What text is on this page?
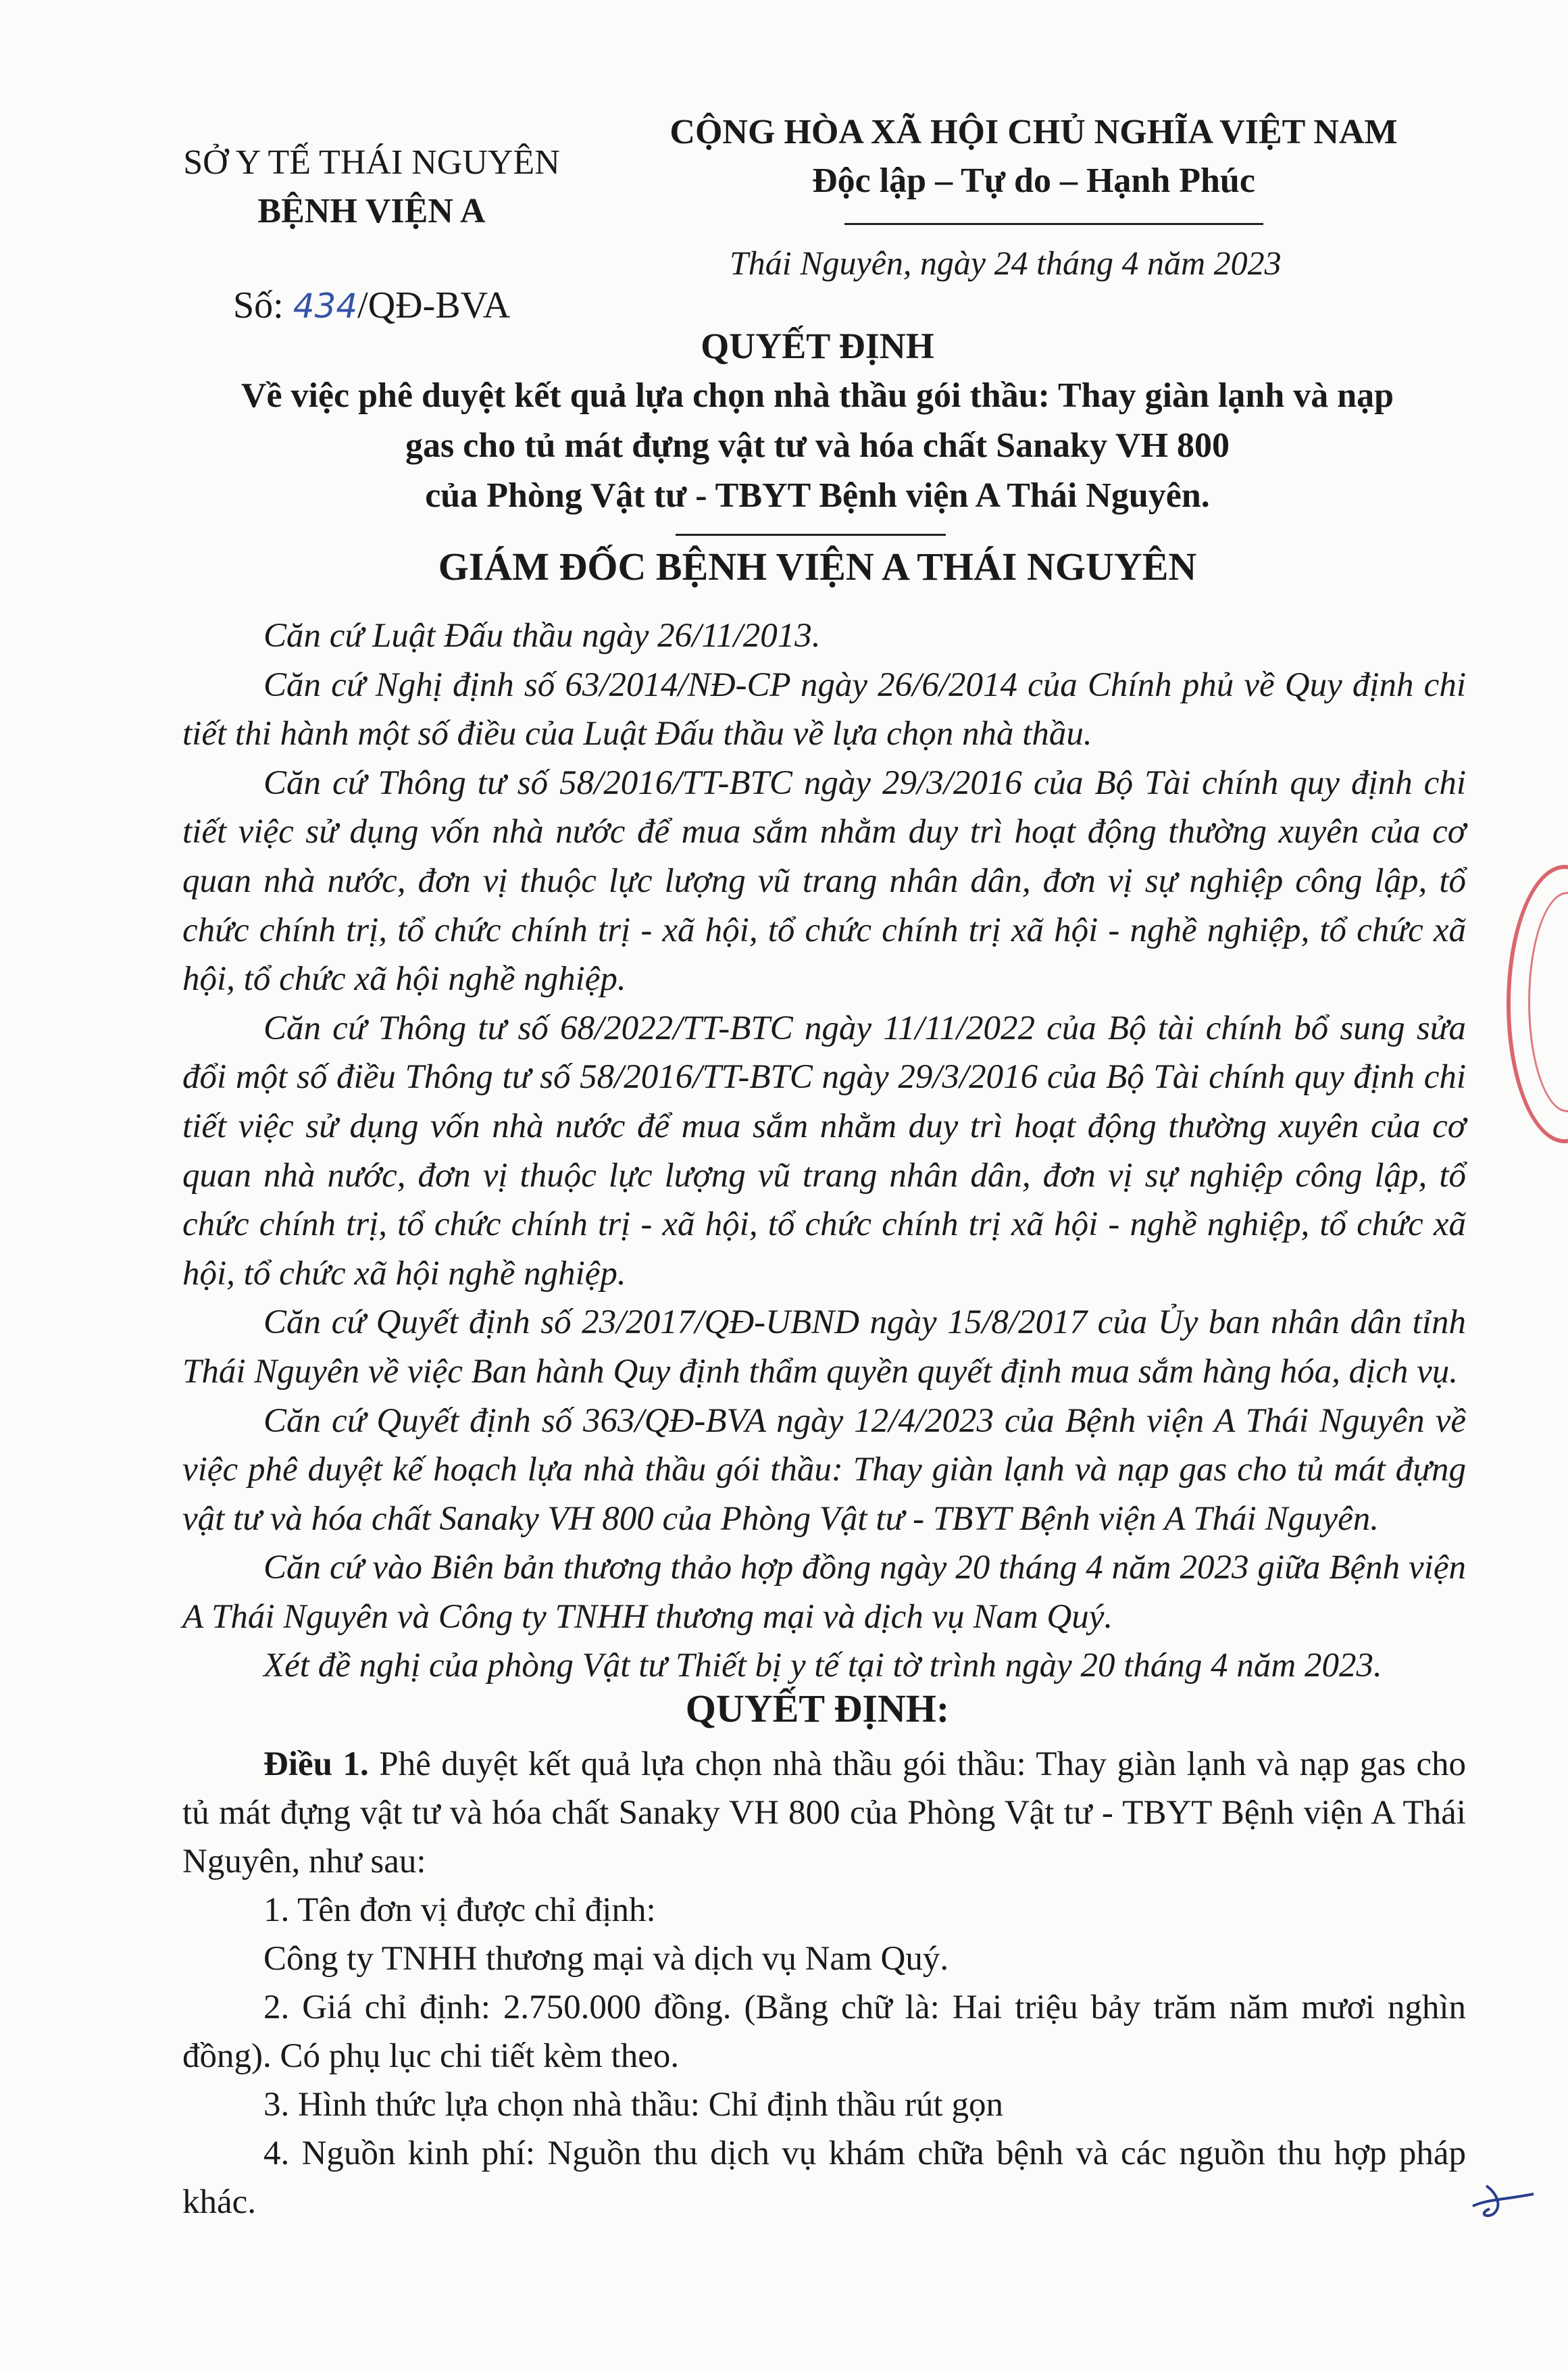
SỞ Y TẾ THÁI NGUYÊN
BỆNH VIỆN A
CỘNG HÒA XÃ HỘI CHỦ NGHĨA VIỆT NAM
Độc lập – Tự do – Hạnh Phúc
Số: 434/QĐ-BVA
Thái Nguyên, ngày 24 tháng 4 năm 2023
QUYẾT ĐỊNH
Về việc phê duyệt kết quả lựa chọn nhà thầu gói thầu: Thay giàn lạnh và nạp
gas cho tủ mát đựng vật tư và hóa chất Sanaky VH 800
của Phòng Vật tư - TBYT Bệnh viện A Thái Nguyên.
GIÁM ĐỐC BỆNH VIỆN A THÁI NGUYÊN

Căn cứ Luật Đấu thầu ngày 26/11/2013.

Căn cứ Nghị định số 63/2014/NĐ-CP ngày 26/6/2014 của Chính phủ về Quy định chi tiết thi hành một số điều của Luật Đấu thầu về lựa chọn nhà thầu.

Căn cứ Thông tư số 58/2016/TT-BTC ngày 29/3/2016 của Bộ Tài chính quy định chi tiết việc sử dụng vốn nhà nước để mua sắm nhằm duy trì hoạt động thường xuyên của cơ quan nhà nước, đơn vị thuộc lực lượng vũ trang nhân dân, đơn vị sự nghiệp công lập, tổ chức chính trị, tổ chức chính trị - xã hội, tổ chức chính trị xã hội - nghề nghiệp, tổ chức xã hội, tổ chức xã hội nghề nghiệp.

Căn cứ Thông tư số 68/2022/TT-BTC ngày 11/11/2022 của Bộ tài chính bổ sung sửa đổi một số điều Thông tư số 58/2016/TT-BTC ngày 29/3/2016 của Bộ Tài chính quy định chi tiết việc sử dụng vốn nhà nước để mua sắm nhằm duy trì hoạt động thường xuyên của cơ quan nhà nước, đơn vị thuộc lực lượng vũ trang nhân dân, đơn vị sự nghiệp công lập, tổ chức chính trị, tổ chức chính trị - xã hội, tổ chức chính trị xã hội - nghề nghiệp, tổ chức xã hội, tổ chức xã hội nghề nghiệp.

Căn cứ Quyết định số 23/2017/QĐ-UBND ngày 15/8/2017 của Ủy ban nhân dân tỉnh Thái Nguyên về việc Ban hành Quy định thẩm quyền quyết định mua sắm hàng hóa, dịch vụ.

Căn cứ Quyết định số 363/QĐ-BVA ngày 12/4/2023 của Bệnh viện A Thái Nguyên về việc phê duyệt kế hoạch lựa nhà thầu gói thầu: Thay giàn lạnh và nạp gas cho tủ mát đựng vật tư và hóa chất Sanaky VH 800 của Phòng Vật tư - TBYT Bệnh viện A Thái Nguyên.

Căn cứ vào Biên bản thương thảo hợp đồng ngày 20 tháng 4 năm 2023 giữa Bệnh viện A Thái Nguyên và Công ty TNHH thương mại và dịch vụ Nam Quý.

Xét đề nghị của phòng Vật tư Thiết bị y tế tại tờ trình ngày 20 tháng 4 năm 2023.

QUYẾT ĐỊNH:

Điều 1. Phê duyệt kết quả lựa chọn nhà thầu gói thầu: Thay giàn lạnh và nạp gas cho tủ mát đựng vật tư và hóa chất Sanaky VH 800 của Phòng Vật tư - TBYT Bệnh viện A Thái Nguyên, như sau:

1. Tên đơn vị được chỉ định:

Công ty TNHH thương mại và dịch vụ Nam Quý.

2. Giá chỉ định: 2.750.000 đồng. (Bằng chữ là: Hai triệu bảy trăm năm mươi nghìn đồng). Có phụ lục chi tiết kèm theo.

3. Hình thức lựa chọn nhà thầu: Chỉ định thầu rút gọn

4. Nguồn kinh phí: Nguồn thu dịch vụ khám chữa bệnh và các nguồn thu hợp pháp khác.
